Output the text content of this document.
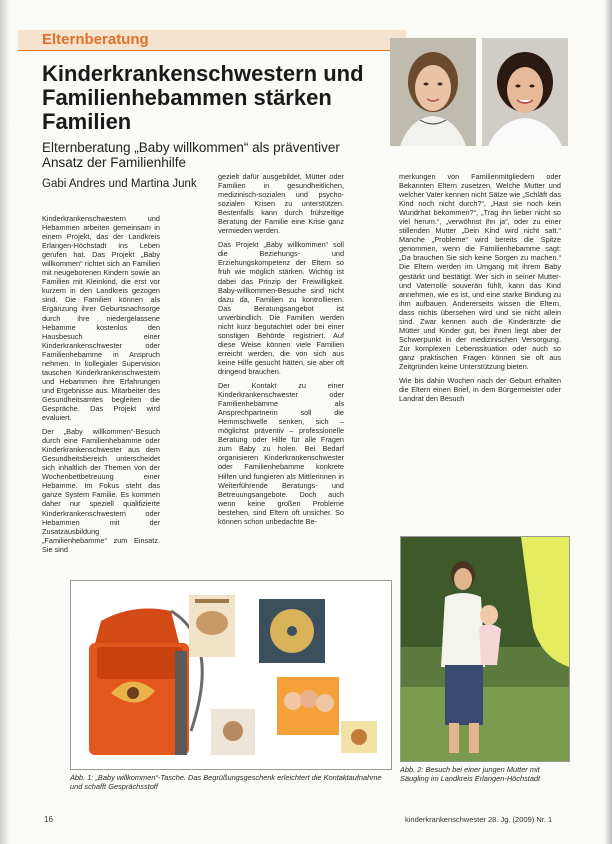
Elternberatung
Kinderkrankenschwestern und Familienhebammen stärken Familien
Elternberatung „Baby willkommen“ als präventiver Ansatz der Familienhilfe
Gabi Andres und Martina Junk

Kinderkrankenschwestern und Hebammen arbeiten gemeinsam in einem Projekt, das der Landkreis Erlangen-Höchstadt ins Leben gerufen hat. Das Projekt „Baby willkommen“ richtet sich an Familien mit neugeborenen Kindern sowie an Familien mit Kleinkind, die erst vor kurzem in den Landkreis gezogen sind. Die Familien können als Ergänzung ihrer Geburtsnachsorge durch ihre niedergelassene Hebamme kostenlos den Hausbesuch einer Kinderkrankenschwester oder Familienhebamme in Anspruch nehmen. In kollegialer Supervision tauschen Kinderkrankenschwestern und Hebammen ihre Erfahrungen und Ergebnisse aus. Mitarbeiter des Gesundheitsamtes begleiten die Gespräche. Das Projekt wird evaluiert.

Der „Baby willkommen“-Besuch durch eine Familienhebamme oder Kinderkrankenschwester aus dem Gesundheitsbereich unterscheidet sich inhaltlich der Themen von der Wochenbettbetreuung einer Hebamme. Im Fokus steht das ganze System Familie. Es kommen daher nur speziell qualifizierte Kinderkrankenschwestern oder Hebammen mit der Zusatzausbildung „Familienhebamme“ zum Einsatz. Sie sind

gezielt dafür ausgebildet, Mütter oder Familien in gesundheitlichen, medizinisch-sozialen und psycho-sozialen Krisen zu unterstützen. Bestenfalls kann durch frühzeitige Beratung der Familie eine Krise ganz vermieden werden.

Das Projekt „Baby willkommen“ soll die Beziehungs- und Erziehungskompetenz der Eltern so früh wie möglich stärken. Wichtig ist dabei das Prinzip der Freiwilligkeit. Baby-willkommen-Besuche sind nicht dazu da, Familien zu kontrollieren. Das Beratungsangebot ist unverbindlich. Die Familien werden nicht kurz begutachtet oder bei einer sonstigen Behörde registriert. Auf diese Weise können viele Familien erreicht werden, die von sich aus keine Hilfe gesucht hätten, sie aber oft dringend brauchen.

Der Kontakt zu einer Kinderkrankenschwester oder Familienhebamme als Ansprechpartnerin soll die Hemmschwelle senken, sich – möglichst präventiv – professionelle Beratung oder Hilfe für alle Fragen zum Baby zu holen. Bei Bedarf organisieren Kinderkrankenschwester oder Familienhebamme konkrete Hilfen und fungieren als Mittlerinnen in Weiterführende Beratungs- und Betreuungsangebote. Doch auch wenn keine großen Probleme bestehen, sind Eltern oft unsicher. So können schon unbedachte Be-

merkungen von Familienmitgliedern oder Bekannten Eltern zusetzen. Welche Mutter und welcher Vater kennen nicht Sätze wie „Schläft das Kind noch nicht durch?“, „Hast sie noch kein Wundrhat bekommen?“, „Trag ihn lieber nicht so viel herum.“, „verwöhnst ihn ja“, oder zu einer stillenden Mutter „Dein Kind wird nicht satt.“ Manche „Probleme“ wird bereits die Spitze genommen, wenn die Familienhebamme sagt: „Da brauchen Sie sich keine Sorgen zu machen.“ Die Eltern werden im Umgang mit ihrem Baby gestärkt und bestätigt. Wer sich in seiner Mutter- und Vaterrolle souverän fühlt, kann das Kind annehmen, wie es ist, und eine starke Bindung zu ihm aufbauen. Andererseits wissen die Eltern, dass nichts übersehen wird und sie nicht allein sind. Zwar kennen auch die Kinderärzte die Mütter und Kinder gut, bei ihnen liegt aber der Schwerpunkt in der medizinischen Versorgung. Zur komplexen Lebenssituation oder auch so ganz praktischen Fragen können sie oft aus Zeitgründen keine Unterstützung bieten.

Wie bis dahin Wochen nach der Geburt erhalten die Eltern einen Brief, in dem Bürgermeister oder Landrat den Besuch

Abb. 1: „Baby willkommen“-Tasche. Das Begrüßungsgeschenk erleichtert die Kontaktaufnahme und schafft Gesprächsstoff
Abb. 2: Besuch bei einer jungen Mutter mit Säugling im Landkreis Erlangen-Höchstadt
16	kinderkrankenschwester 28. Jg. (2009) Nr. 1
